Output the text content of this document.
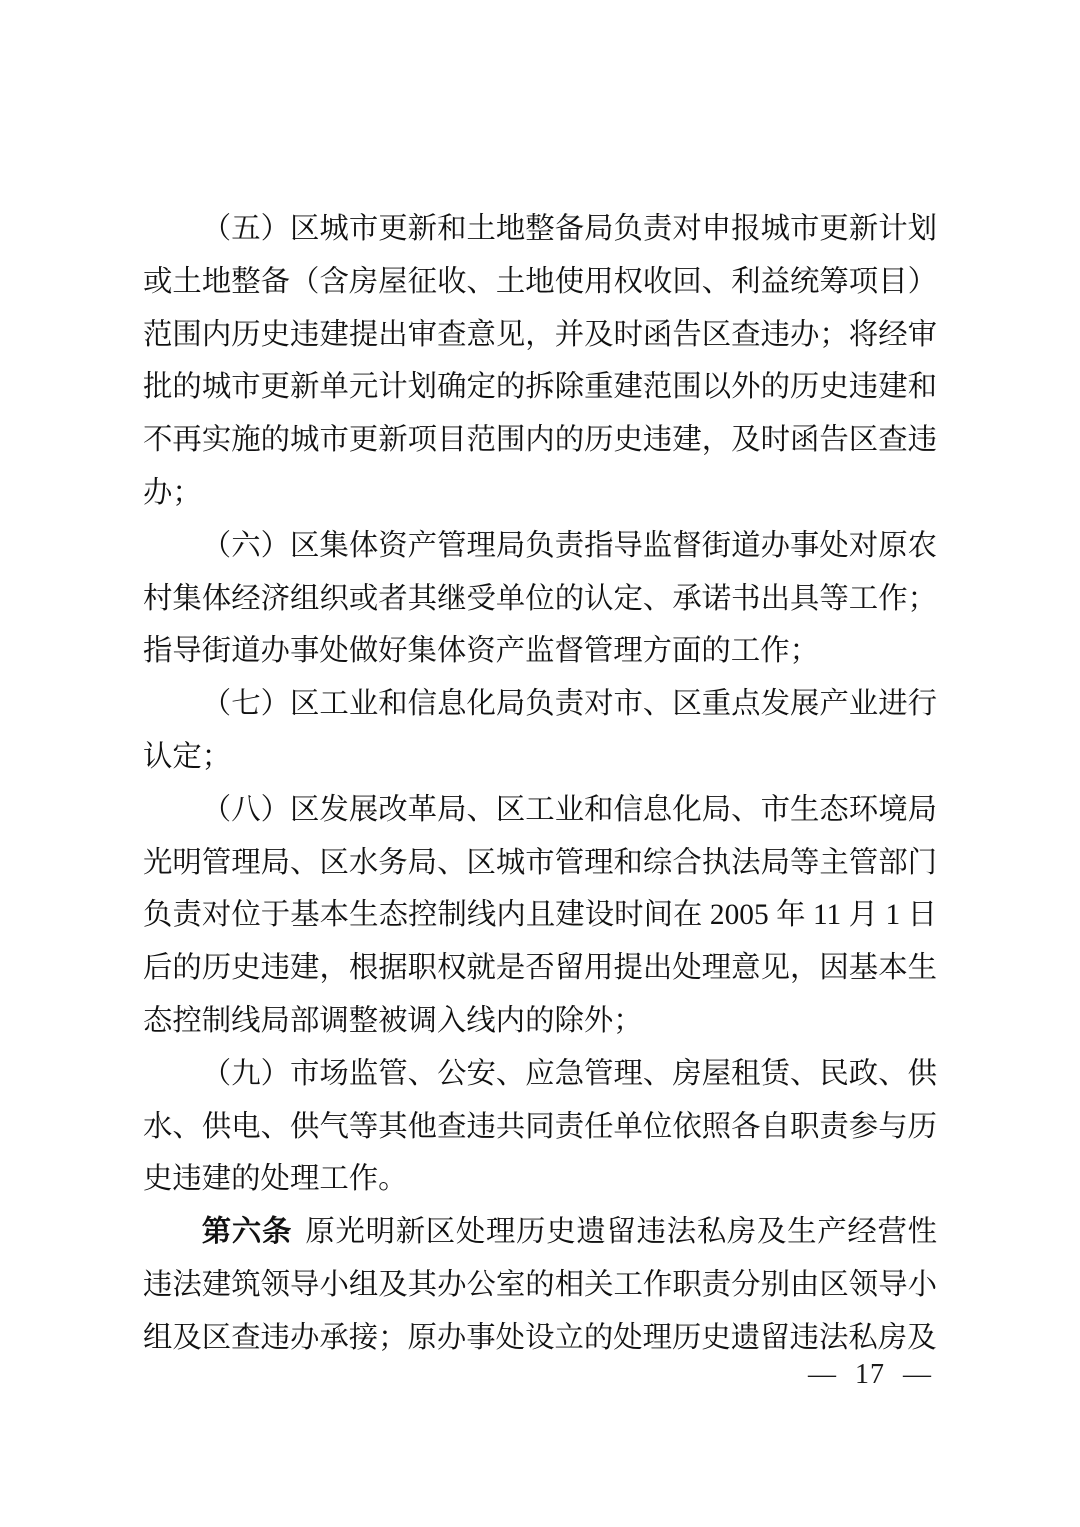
（五）区城市更新和土地整备局负责对申报城市更新计划或土地整备（含房屋征收、土地使用权收回、利益统筹项目）范围内历史违建提出审查意见，并及时函告区查违办；将经审批的城市更新单元计划确定的拆除重建范围以外的历史违建和不再实施的城市更新项目范围内的历史违建，及时函告区查违办；
（六）区集体资产管理局负责指导监督街道办事处对原农村集体经济组织或者其继受单位的认定、承诺书出具等工作；指导街道办事处做好集体资产监督管理方面的工作；
（七）区工业和信息化局负责对市、区重点发展产业进行认定；
（八）区发展改革局、区工业和信息化局、市生态环境局光明管理局、区水务局、区城市管理和综合执法局等主管部门负责对位于基本生态控制线内且建设时间在 2005 年 11 月 1 日后的历史违建，根据职权就是否留用提出处理意见，因基本生态控制线局部调整被调入线内的除外；
（九）市场监管、公安、应急管理、房屋租赁、民政、供水、供电、供气等其他查违共同责任单位依照各自职责参与历史违建的处理工作。
第六条 原光明新区处理历史遗留违法私房及生产经营性违法建筑领导小组及其办公室的相关工作职责分别由区领导小组及区查违办承接；原办事处设立的处理历史遗留违法私房及
— 17 —
